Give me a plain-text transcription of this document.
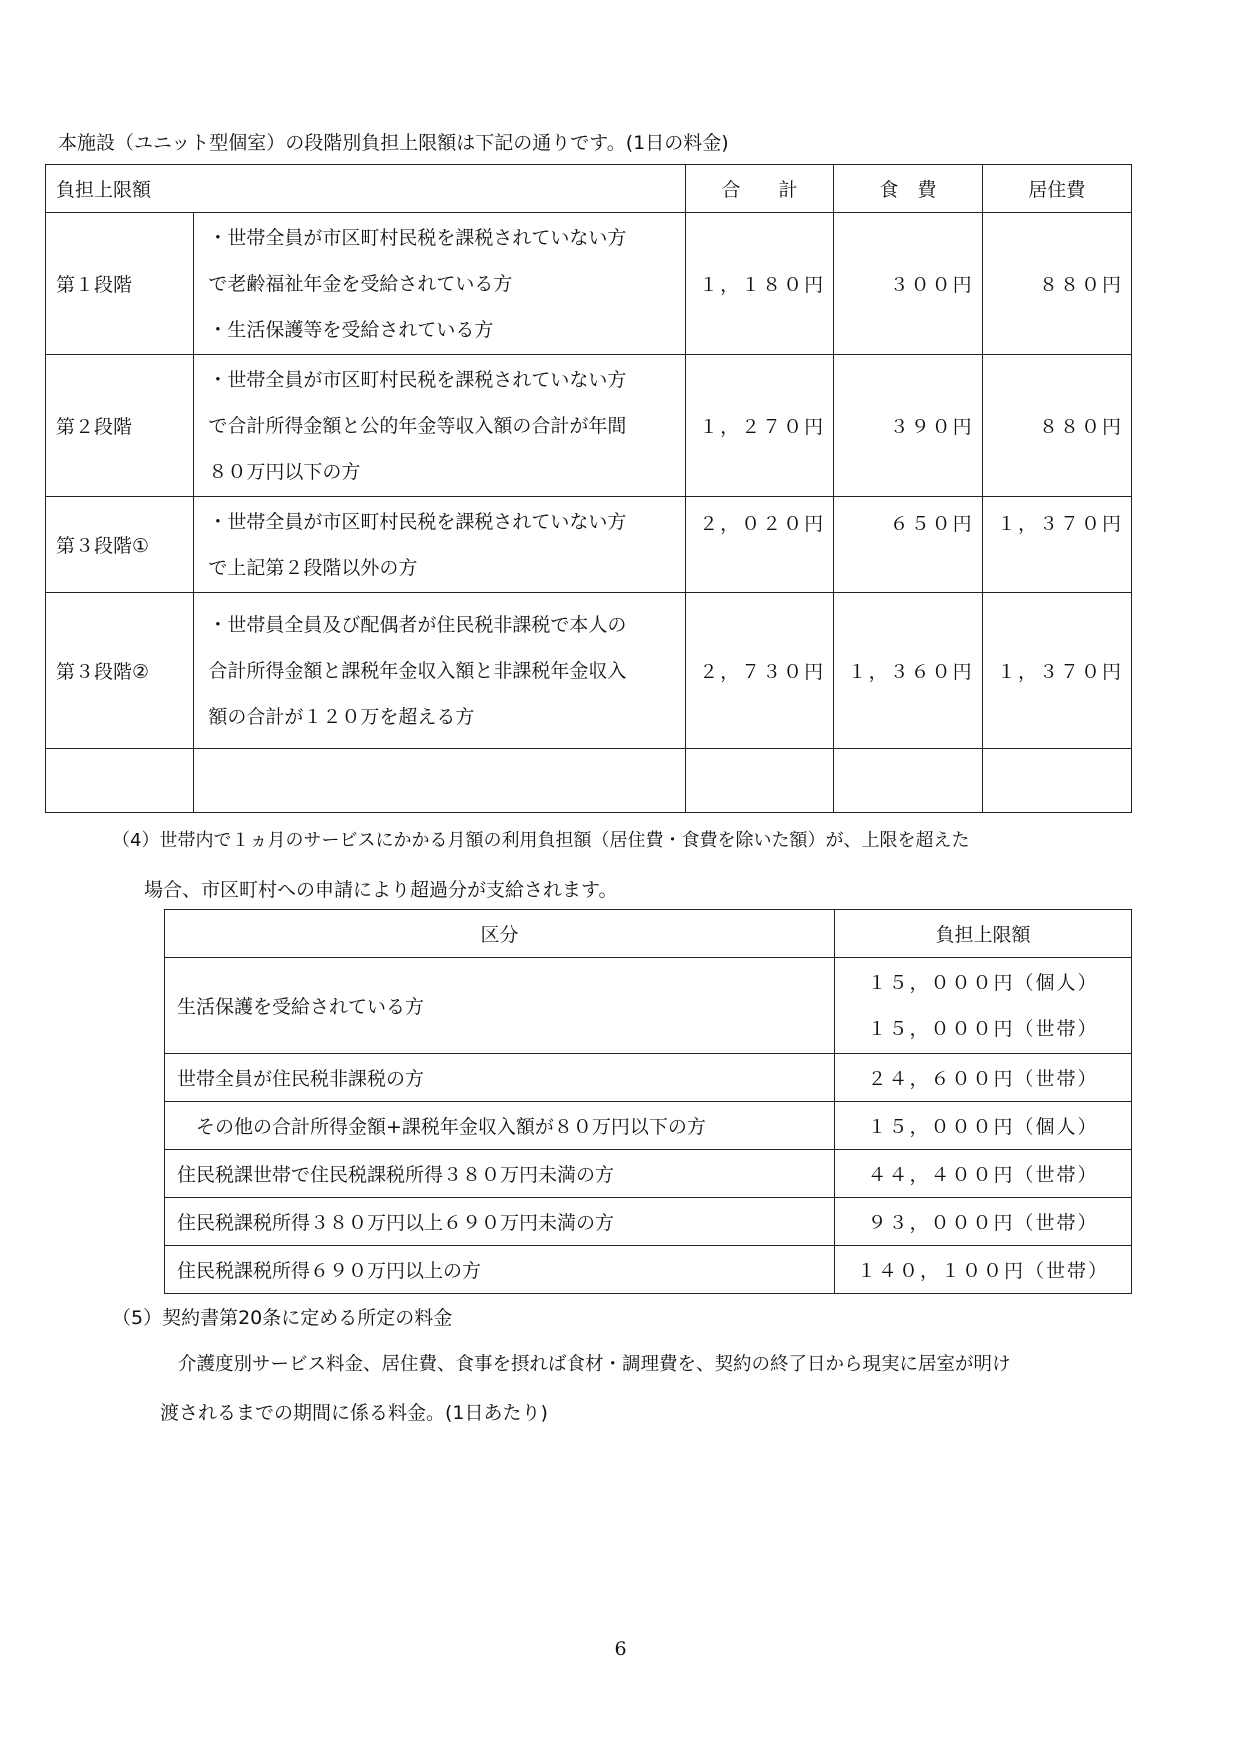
本施設（ユニット型個室）の段階別負担上限額は下記の通りです。(1日の料金)
負担上限額		合　　計	食　費	居住費
第１段階	・世帯全員が市区町村民税を課税されていない方
で老齢福祉年金を受給されている方
・生活保護等を受給されている方	１，１８０円	３００円	８８０円
第２段階	・世帯全員が市区町村民税を課税されていない方
で合計所得金額と公的年金等収入額の合計が年間
８０万円以下の方	１，２７０円	３９０円	８８０円
第３段階①	・世帯全員が市区町村民税を課税されていない方
で上記第２段階以外の方	２，０２０円	６５０円	１，３７０円
第３段階②	・世帯員全員及び配偶者が住民税非課税で本人の
合計所得金額と課税年金収入額と非課税年金収入
額の合計が１２０万を超える方	２，７３０円	１，３６０円	１，３７０円

（4）世帯内で１ヵ月のサービスにかかる月額の利用負担額（居住費・食費を除いた額）が、上限を超えた
場合、市区町村への申請により超過分が支給されます。
区分	負担上限額
生活保護を受給されている方	１５，０００円（個人）
１５，０００円（世帯）

世帯全員が住民税非課税の方	２４，６００円（世帯）
　その他の合計所得金額+課税年金収入額が８０万円以下の方	１５，０００円（個人）
住民税課世帯で住民税課税所得３８０万円未満の方	４４，４００円（世帯）
住民税課税所得３８０万円以上６９０万円未満の方	９３，０００円（世帯）
住民税課税所得６９０万円以上の方	１４０，１００円（世帯）
（5）契約書第20条に定める所定の料金
介護度別サービス料金、居住費、食事を摂れば食材・調理費を、契約の終了日から現実に居室が明け
渡されるまでの期間に係る料金。(1日あたり)
6
